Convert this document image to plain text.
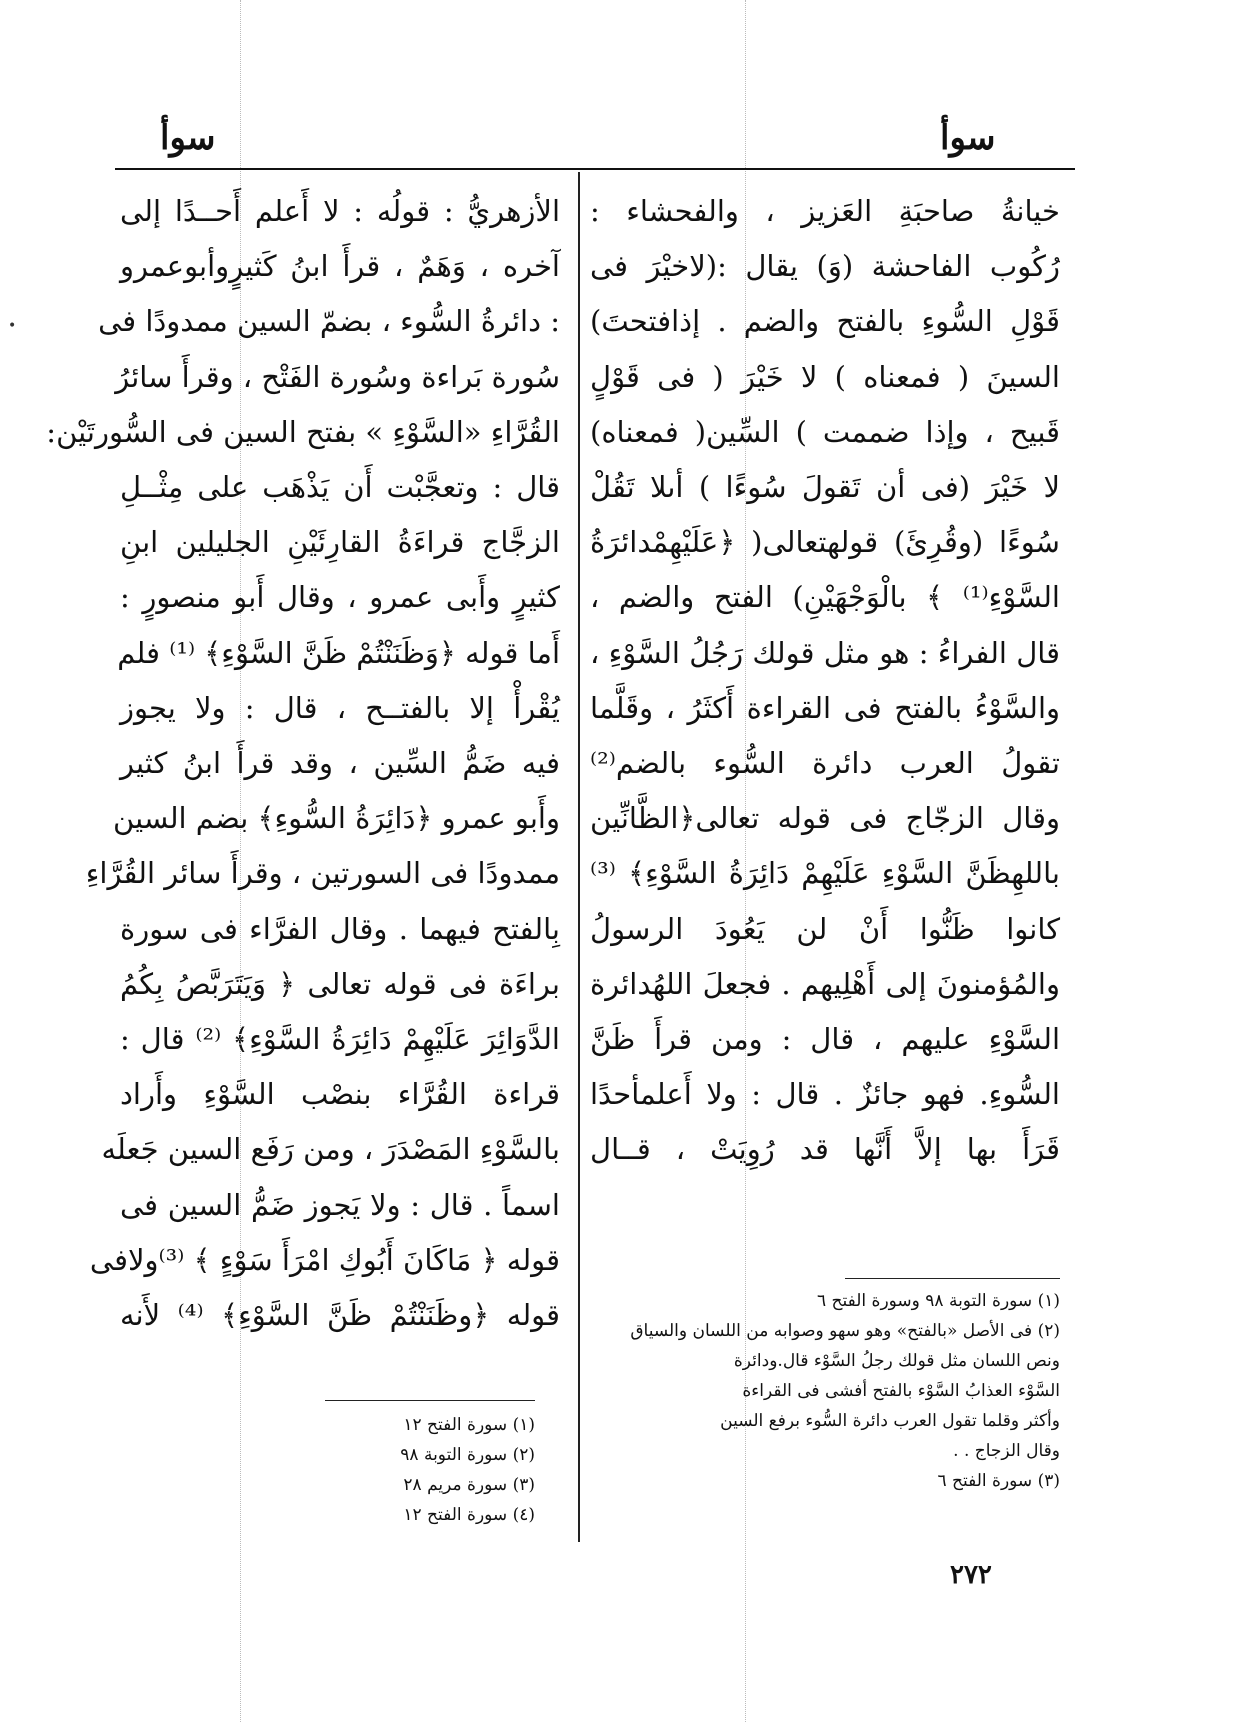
•
سوأ
سوأ
خيانةُ صاحبَةِ العَزيز ، والفحشاء :
رُكُوب الفاحشة (وَ) يقال :(لاخيْرَ فى
قَوْلِ السُّوءِ بالفتح والضم . إذافتحتَ)
السينَ ( فمعناه ) لا خَيْرَ ( فى قَوْلٍ
قَبيح ، وإذا ضممت ) السِّين( فمعناه)
لا خَيْرَ (فى أن تَقولَ سُوءًا ) أىلا تَقُلْ
سُوءًا (وقُرِئَ) قولهتعالى( ﴿عَلَيْهِمْدائرَةُ
السَّوْءِ⁽¹⁾ ﴾ بالْوَجْهَيْنِ) الفتح والضم ،
قال الفراءُ : هو مثل قولك رَجُلُ السَّوْءِ ،
والسَّوْءُ بالفتح فى القراءة أَكثَرُ ، وقَلَّما
تقولُ العرب دائرة السُّوء بالضم⁽²⁾
وقال الزجّاج فى قوله تعالى﴿الظَّانِّين
باللهِظَنَّ السَّوْءِ عَلَيْهِمْ دَائِرَةُ السَّوْءِ﴾ ⁽³⁾
كانوا ظَنُّوا أَنْ لن يَعُودَ الرسولُ
والمُؤمنونَ إلى أَهْلِيهم . فجعلَ اللهُدائرة
السَّوْءِ عليهم ، قال : ومن قرأَ ظَنَّ
السُّوءِ. فهو جائزٌ . قال : ولا أَعلمأحدًا
قَرَأَ بها إلاَّ أَنَّها قد رُوِيَتْ ، قــال
الأزهريُّ : قولُه : لا أَعلم أَحــدًا إلى
آخره ، وَهَمٌ ، قرأَ ابنُ كَثيرٍوأبوعمرو
: دائرةُ السُّوء ، بضمّ السين ممدودًا فى
سُورة بَراءة وسُورة الفَتْح ، وقرأَ سائرُ
القُرَّاءِ «السَّوْءِ » بفتح السين فى السُّورتَيْن:
قال : وتعجَّبْت أَن يَذْهَب على مِثْــلِ
الزجَّاج قراءَةُ القارِئَيْنِ الجليلين ابنِ
كثيرٍ وأَبى عمرو ، وقال أَبو منصورٍ :
أَما قوله ﴿وَظَنَنْتُمْ ظَنَّ السَّوْءِ﴾ ⁽¹⁾ فلم
يُقْرأْ إلا بالفتــح ، قال : ولا يجوز
فيه ضَمُّ السِّين ، وقد قرأَ ابنُ كثير
وأَبو عمرو ﴿دَائِرَةُ السُّوءِ﴾ بضم السين
ممدودًا فى السورتين ، وقرأَ سائر القُرَّاءِ
بِالفتح فيهما . وقال الفرَّاء فى سورة
براءَة فى قوله تعالى ﴿ وَيَتَرَبَّصُ بِكُمُ
الدَّوَائِرَ عَلَيْهِمْ دَائِرَةُ السَّوْءِ﴾ ⁽²⁾ قال :
قراءة القُرَّاء بنصْب السَّوْءِ وأَراد
بالسَّوْءِ المَصْدَرَ ، ومن رَفَع السين جَعلَه
اسماً . قال : ولا يَجوز ضَمُّ السين فى
قوله ﴿ مَاكَانَ أَبُوكِ امْرَأَ سَوْءٍ ﴾ ⁽³⁾ولافى
قوله ﴿وظَنَنْتُمْ ظَنَّ السَّوْءِ﴾ ⁽⁴⁾ لأَنه	(١) سورة التوبة ٩٨ وسورة الفتح ٦
(٢) فى الأصل «بالفتح» وهو سهو وصوابه من اللسان والسياق
ونص اللسان مثل قولك رجلُ السَّوْء قال.ودائرة
السَّوْء العذابُ السَّوْء بالفتح أفشى فى القراءة
وأكثر وقلما تقول العرب دائرة السُّوء برفع السين
وقال الزجاج . .
(٣) سورة الفتح ٦
(١) سورة الفتح ١٢
(٢) سورة التوبة ٩٨
(٣) سورة مريم ٢٨
(٤) سورة الفتح ١٢
٢٧٢
